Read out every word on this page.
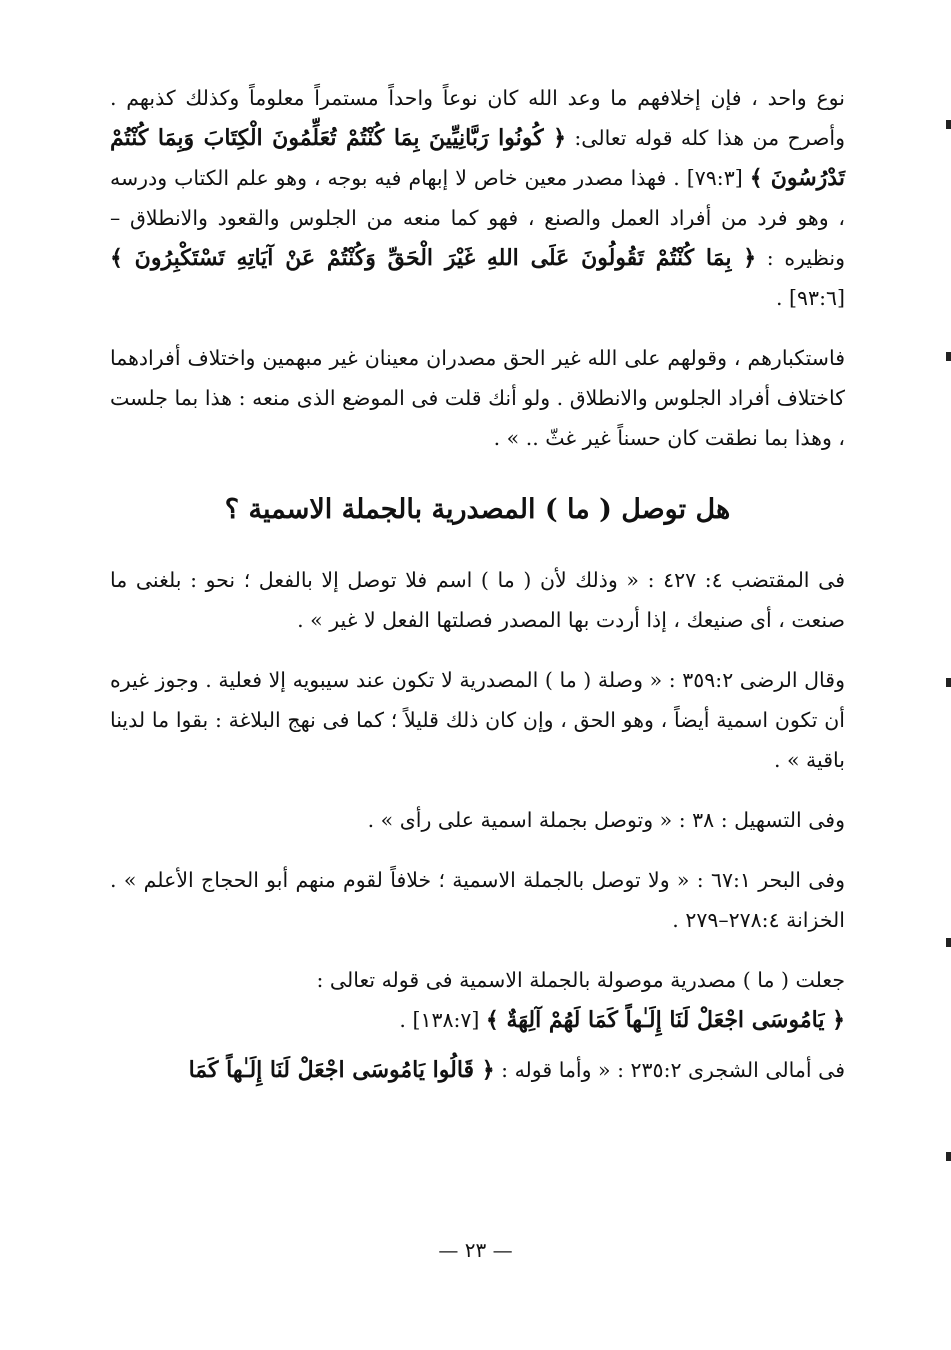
نوع واحد ، فإن إخلافهم ما وعد الله كان نوعاً واحداً مستمراً معلوماً وكذلك كذبهم . وأصرح من هذا كله قوله تعالى: ﴿ كُونُوا رَبَّانِيِّينَ بِمَا كُنْتُمْ تُعَلِّمُونَ الْكِتَابَ وَبِمَا كُنْتُمْ تَدْرُسُونَ ﴾ [٧٩:٣] . فهذا مصدر معين خاص لا إبهام فيه بوجه ، وهو علم الكتاب ودرسه ، وهو فرد من أفراد العمل والصنع ، فهو كما منعه من الجلوس والقعود والانطلاق – ونظيره : ﴿ بِمَا كُنْتُمْ تَقُولُونَ عَلَى اللهِ غَيْرَ الْحَقِّ وَكُنْتُمْ عَنْ آيَاتِهِ تَسْتَكْبِرُونَ ﴾ [٩٣:٦] .

فاستكبارهم ، وقولهم على الله غير الحق مصدران معينان غير مبهمين واختلاف أفرادهما كاختلاف أفراد الجلوس والانطلاق . ولو أنك قلت فى الموضع الذى منعه : هذا بما جلست ، وهذا بما نطقت كان حسناً غير غثّ .. » .

هل توصل ( ما ) المصدرية بالجملة الاسمية ؟

فى المقتضب ٤: ٤٢٧ : « وذلك لأن ( ما ) اسم فلا توصل إلا بالفعل ؛ نحو : بلغنى ما صنعت ، أى صنيعك ، إذا أردت بها المصدر فصلتها الفعل لا غير » .

وقال الرضى ٣٥٩:٢ : « وصلة ( ما ) المصدرية لا تكون عند سيبويه إلا فعلية . وجوز غيره أن تكون اسمية أيضاً ، وهو الحق ، وإن كان ذلك قليلاً ؛ كما فى نهج البلاغة : بقوا ما لدينا باقية » .

وفى التسهيل : ٣٨ : « وتوصل بجملة اسمية على رأى » .

وفى البحر ٦٧:١ : « ولا توصل بالجملة الاسمية ؛ خلافاً لقوم منهم أبو الحجاج الأعلم » . الخزانة ٢٧٨:٤–٢٧٩ .

جعلت ( ما ) مصدرية موصولة بالجملة الاسمية فى قوله تعالى :
﴿ يَامُوسَى اجْعَلْ لَنَا إِلَـٰهاً كَمَا لَهُمْ آلِهَةٌ ﴾ [١٣٨:٧] .

فى أمالى الشجرى ٢٣٥:٢ : « وأما قوله : ﴿ قَالُوا يَامُوسَى اجْعَلْ لَنَا إِلَـٰهاً كَمَا

— ٢٣ —
